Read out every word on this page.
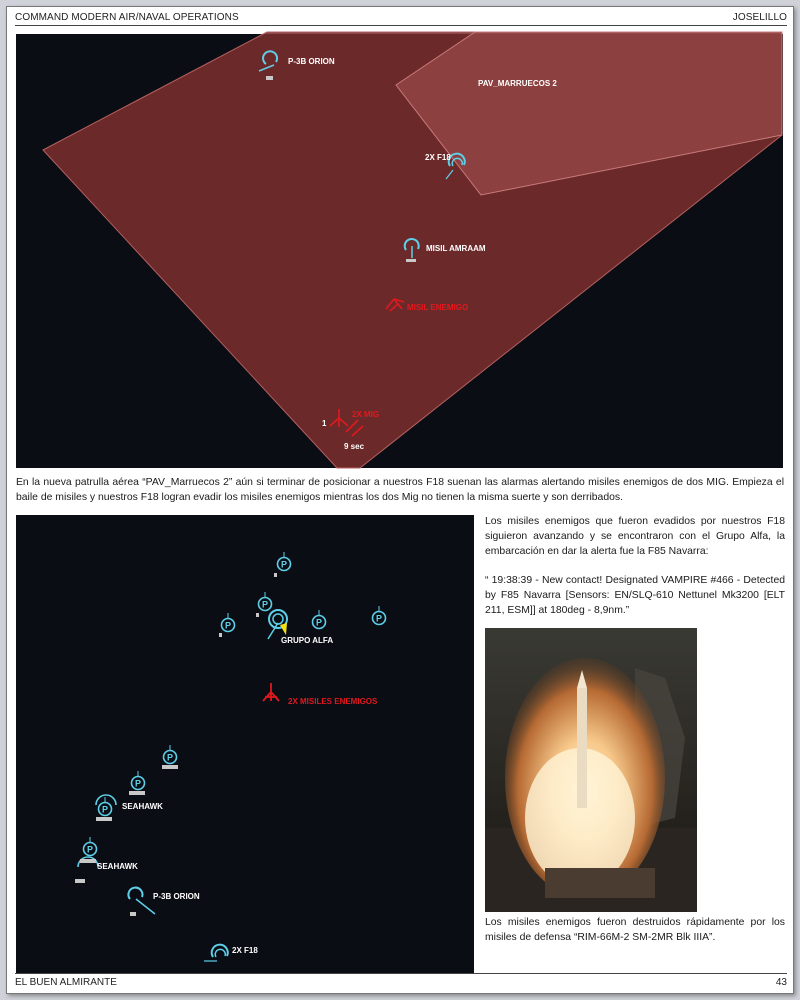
COMMAND MODERN AIR/NAVAL OPERATIONS	JOSELILLO
P-3B ORION
PAV_MARRUECOS 2
2X F18
MISIL AMRAAM
MISIL ENEMIGO
2X MIG
1
9 sec
En la nueva patrulla aérea “PAV_Marruecos 2” aún si terminar de posicionar a nuestros F18 suenan las alarmas alertando misiles enemigos de dos MIG. Empieza el baile de misiles y nuestros F18 logran evadir los misiles enemigos mientras los dos Mig no tienen la misma suerte y son derribados.
P
GRUPO ALFA
2X MISILES ENEMIGOS
SEAHAWK
SEAHAWK
P-3B ORION
2X F18
Los misiles enemigos que fueron evadidos por nuestros F18 siguieron avanzando y se encontraron con el Grupo Alfa, la embarcación en dar la alerta fue la F85 Navarra:
“ 19:38:39 - New contact! Designated VAMPIRE #466 - Detected by F85 Navarra [Sensors: EN/SLQ-610 Nettunel Mk3200 [ELT 211, ESM]] at 180deg - 8,9nm.”
Los misiles enemigos fueron destruidos rápidamente por los misiles de defensa “RIM-66M-2 SM-2MR Blk IIIA”.
EL BUEN ALMIRANTE	43
